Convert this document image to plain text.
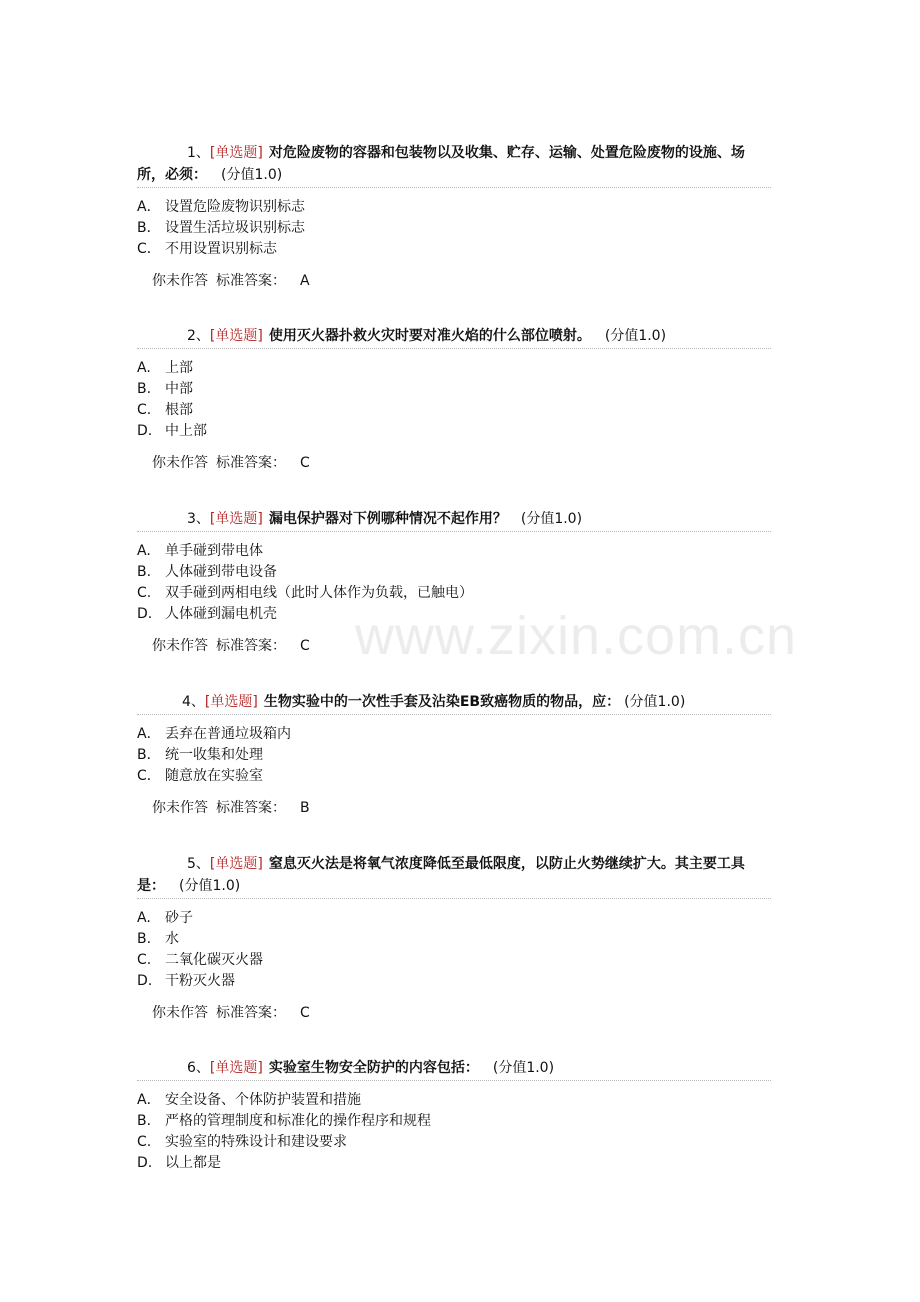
www.zixin.com.cn
1、[单选题] 对危险废物的容器和包装物以及收集、贮存、运输、处置危险废物的设施、场所，必须： (分值1.0)
A． 设置危险废物识别标志
B． 设置生活垃圾识别标志
C． 不用设置识别标志
你未作答 标准答案： A
2、[单选题] 使用灭火器扑救火灾时要对准火焰的什么部位喷射。 (分值1.0)
A. 上部
B. 中部
C. 根部
D. 中上部
你未作答 标准答案： C
3、[单选题] 漏电保护器对下例哪种情况不起作用？ (分值1.0)
A. 单手碰到带电体
B. 人体碰到带电设备
C. 双手碰到两相电线（此时人体作为负载，已触电）
D. 人体碰到漏电机壳
你未作答 标准答案： C
4、[单选题] 生物实验中的一次性手套及沾染EB致癌物质的物品，应： (分值1.0)
A． 丢弃在普通垃圾箱内
B． 统一收集和处理
C． 随意放在实验室
你未作答 标准答案： B
5、[单选题] 窒息灭火法是将氧气浓度降低至最低限度，以防止火势继续扩大。其主要工具是： (分值1.0)
A. 砂子
B. 水
C. 二氧化碳灭火器
D. 干粉灭火器
你未作答 标准答案： C
6、[单选题] 实验室生物安全防护的内容包括： (分值1.0)
A． 安全设备、个体防护装置和措施
B． 严格的管理制度和标准化的操作程序和规程
C. 实验室的特殊设计和建设要求
D. 以上都是
